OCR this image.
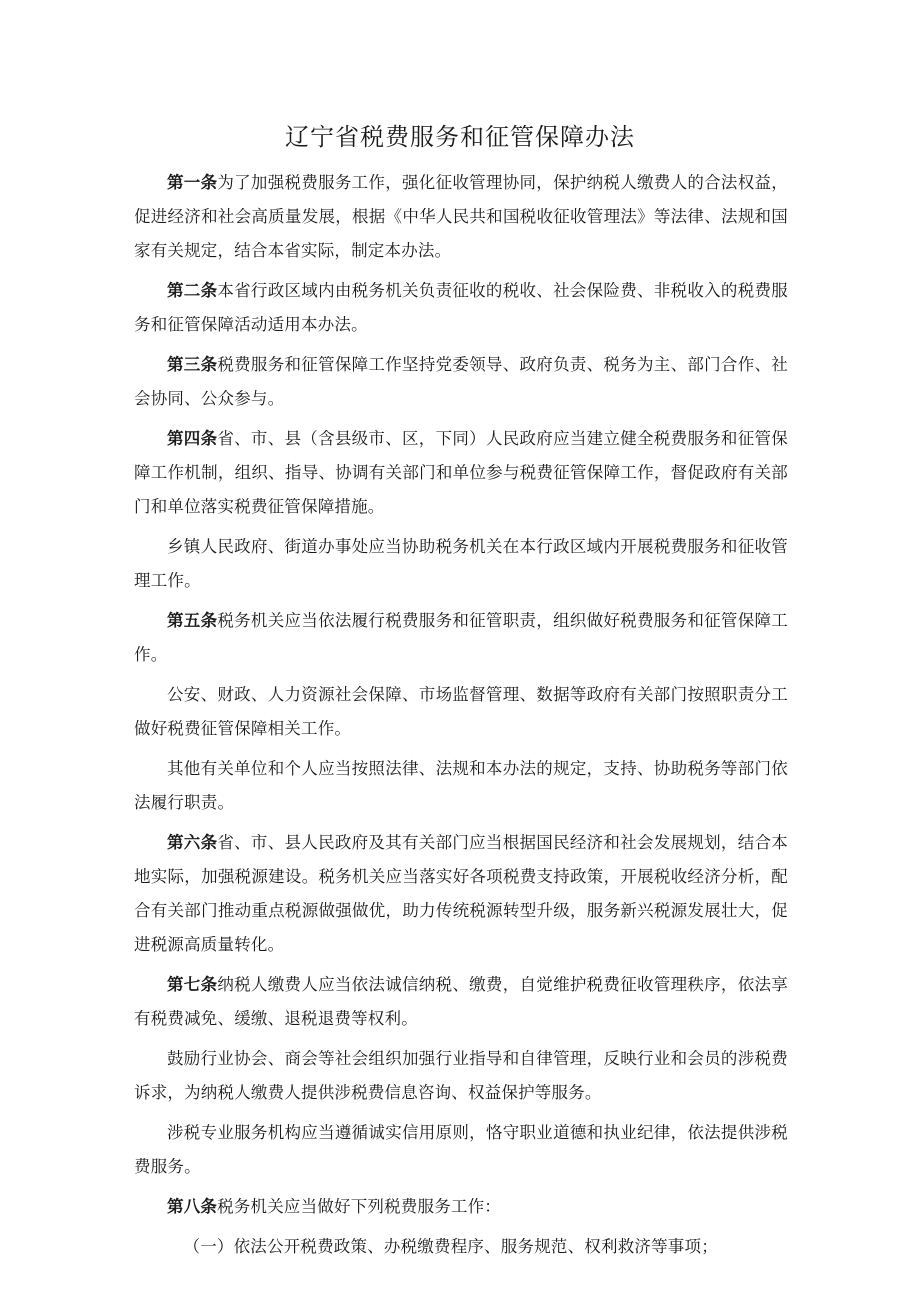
辽宁省税费服务和征管保障办法

第一条为了加强税费服务工作，强化征收管理协同，保护纳税人缴费人的合法权益，促进经济和社会高质量发展，根据《中华人民共和国税收征收管理法》等法律、法规和国家有关规定，结合本省实际，制定本办法。

第二条本省行政区域内由税务机关负责征收的税收、社会保险费、非税收入的税费服务和征管保障活动适用本办法。

第三条税费服务和征管保障工作坚持党委领导、政府负责、税务为主、部门合作、社会协同、公众参与。

第四条省、市、县（含县级市、区，下同）人民政府应当建立健全税费服务和征管保障工作机制，组织、指导、协调有关部门和单位参与税费征管保障工作，督促政府有关部门和单位落实税费征管保障措施。

乡镇人民政府、街道办事处应当协助税务机关在本行政区域内开展税费服务和征收管理工作。

第五条税务机关应当依法履行税费服务和征管职责，组织做好税费服务和征管保障工作。

公安、财政、人力资源社会保障、市场监督管理、数据等政府有关部门按照职责分工做好税费征管保障相关工作。

其他有关单位和个人应当按照法律、法规和本办法的规定，支持、协助税务等部门依法履行职责。

第六条省、市、县人民政府及其有关部门应当根据国民经济和社会发展规划，结合本地实际，加强税源建设。税务机关应当落实好各项税费支持政策，开展税收经济分析，配合有关部门推动重点税源做强做优，助力传统税源转型升级，服务新兴税源发展壮大，促进税源高质量转化。

第七条纳税人缴费人应当依法诚信纳税、缴费，自觉维护税费征收管理秩序，依法享有税费减免、缓缴、退税退费等权利。

鼓励行业协会、商会等社会组织加强行业指导和自律管理，反映行业和会员的涉税费诉求，为纳税人缴费人提供涉税费信息咨询、权益保护等服务。

涉税专业服务机构应当遵循诚实信用原则，恪守职业道德和执业纪律，依法提供涉税费服务。

第八条税务机关应当做好下列税费服务工作：

（一）依法公开税费政策、办税缴费程序、服务规范、权利救济等事项；
